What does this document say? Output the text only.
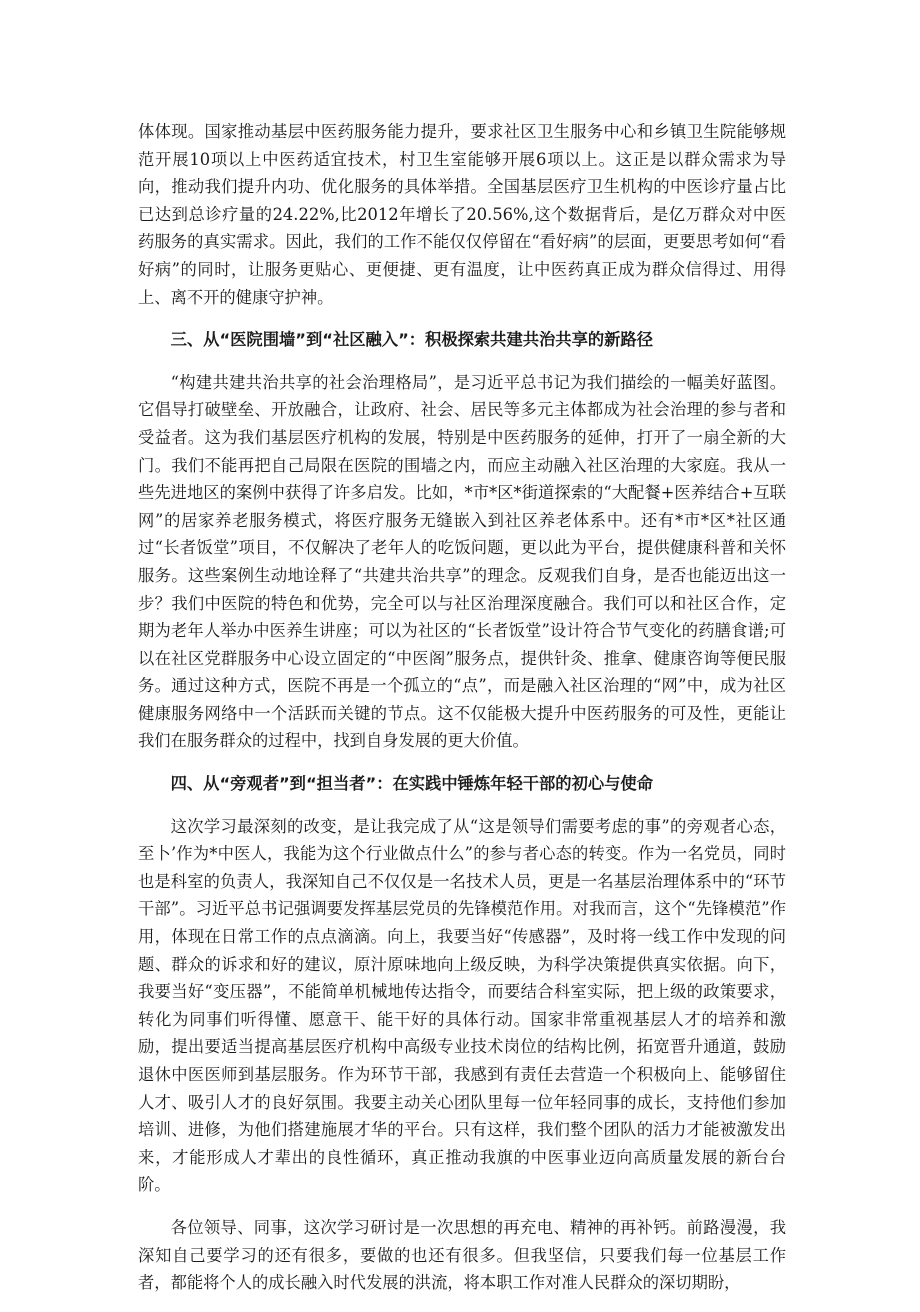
体体现。国家推动基层中医药服务能力提升，要求社区卫生服务中心和乡镇卫生院能够规范开展10项以上中医药适宜技术，村卫生室能够开展6项以上。这正是以群众需求为导向，推动我们提升内功、优化服务的具体举措。全国基层医疗卫生机构的中医诊疗量占比已达到总诊疗量的24.22%,比2012年增长了20.56%,这个数据背后，是亿万群众对中医药服务的真实需求。因此，我们的工作不能仅仅停留在“看好病”的层面，更要思考如何“看好病”的同时，让服务更贴心、更便捷、更有温度，让中医药真正成为群众信得过、用得上、离不开的健康守护神。

三、从“医院围墙”到“社区融入”：积极探索共建共治共享的新路径

“构建共建共治共享的社会治理格局”，是习近平总书记为我们描绘的一幅美好蓝图。它倡导打破壁垒、开放融合，让政府、社会、居民等多元主体都成为社会治理的参与者和受益者。这为我们基层医疗机构的发展，特别是中医药服务的延伸，打开了一扇全新的大门。我们不能再把自己局限在医院的围墙之内，而应主动融入社区治理的大家庭。我从一些先进地区的案例中获得了许多启发。比如，*市*区*街道探索的“大配餐+医养结合+互联网”的居家养老服务模式，将医疗服务无缝嵌入到社区养老体系中。还有*市*区*社区通过“长者饭堂”项目，不仅解决了老年人的吃饭问题，更以此为平台，提供健康科普和关怀服务。这些案例生动地诠释了“共建共治共享”的理念。反观我们自身，是否也能迈出这一步？我们中医院的特色和优势，完全可以与社区治理深度融合。我们可以和社区合作，定期为老年人举办中医养生讲座；可以为社区的“长者饭堂”设计符合节气变化的药膳食谱;可以在社区党群服务中心设立固定的“中医阁”服务点，提供针灸、推拿、健康咨询等便民服务。通过这种方式，医院不再是一个孤立的“点”，而是融入社区治理的“网”中，成为社区健康服务网络中一个活跃而关键的节点。这不仅能极大提升中医药服务的可及性，更能让我们在服务群众的过程中，找到自身发展的更大价值。

四、从“旁观者”到“担当者”：在实践中锤炼年轻干部的初心与使命

这次学习最深刻的改变，是让我完成了从“这是领导们需要考虑的事”的旁观者心态，至卜’作为*中医人，我能为这个行业做点什么”的参与者心态的转变。作为一名党员，同时也是科室的负责人，我深知自己不仅仅是一名技术人员，更是一名基层治理体系中的“环节干部”。习近平总书记强调要发挥基层党员的先锋模范作用。对我而言，这个“先锋模范”作用，体现在日常工作的点点滴滴。向上，我要当好“传感器”，及时将一线工作中发现的问题、群众的诉求和好的建议，原汁原味地向上级反映，为科学决策提供真实依据。向下，我要当好“变压器”，不能简单机械地传达指令，而要结合科室实际，把上级的政策要求，转化为同事们听得懂、愿意干、能干好的具体行动。国家非常重视基层人才的培养和激励，提出要适当提高基层医疗机构中高级专业技术岗位的结构比例，拓宽晋升通道，鼓励退休中医医师到基层服务。作为环节干部，我感到有责任去营造一个积极向上、能够留住人才、吸引人才的良好氛围。我要主动关心团队里每一位年轻同事的成长，支持他们参加培训、进修，为他们搭建施展才华的平台。只有这样，我们整个团队的活力才能被激发出来，才能形成人才辈出的良性循环，真正推动我旗的中医事业迈向高质量发展的新台台阶。

各位领导、同事，这次学习研讨是一次思想的再充电、精神的再补钙。前路漫漫，我深知自己要学习的还有很多，要做的也还有很多。但我坚信，只要我们每一位基层工作者，都能将个人的成长融入时代发展的洪流，将本职工作对准人民群众的深切期盼，
